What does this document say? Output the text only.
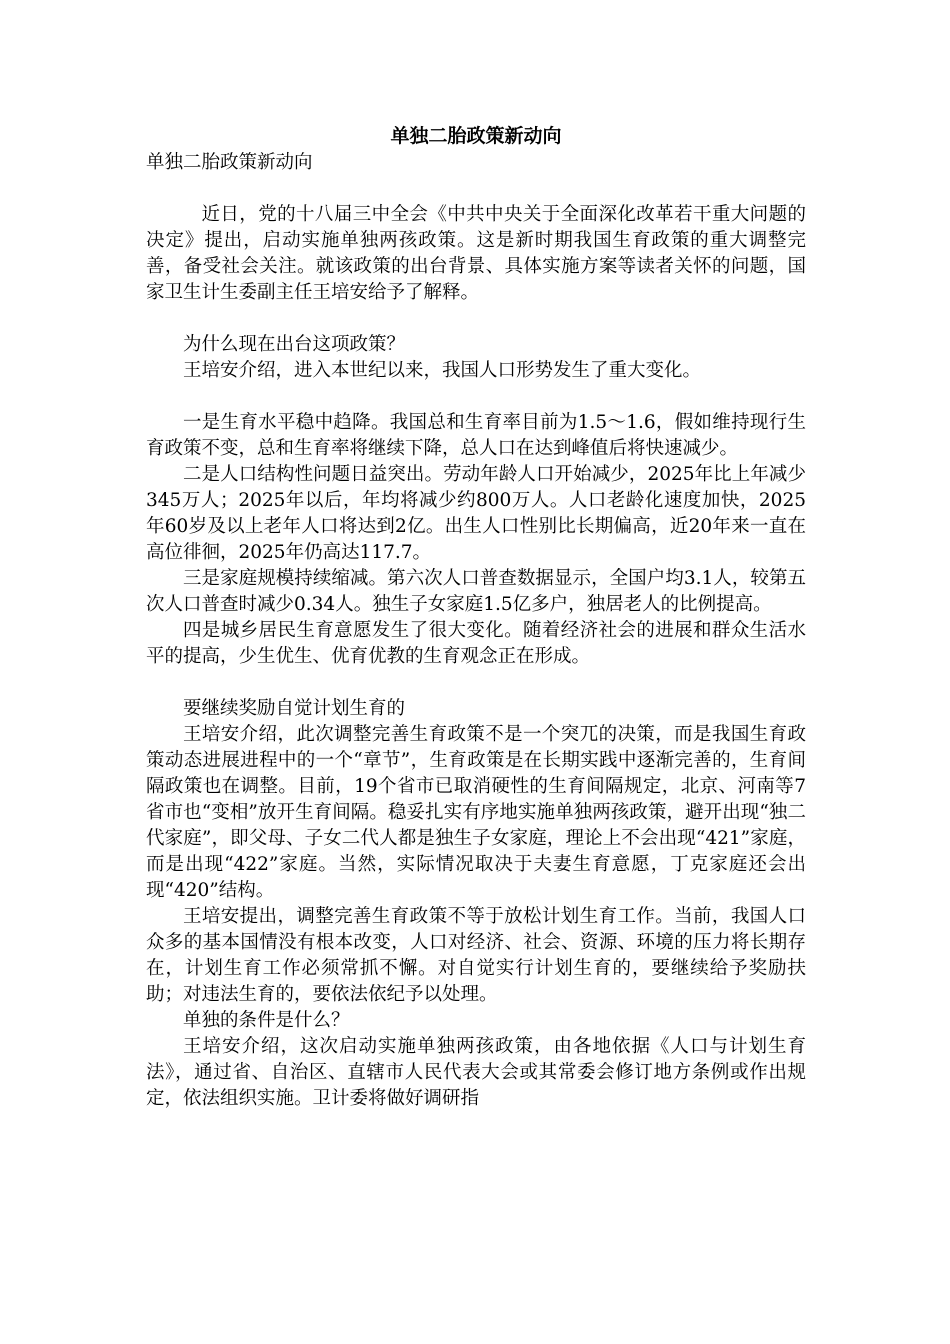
单独二胎政策新动向
单独二胎政策新动向

近日，党的十八届三中全会《中共中央关于全面深化改革若干重大问题的决定》提出，启动实施单独两孩政策。这是新时期我国生育政策的重大调整完善，备受社会关注。就该政策的出台背景、具体实施方案等读者关怀的问题，国家卫生计生委副主任王培安给予了解释。

为什么现在出台这项政策？

王培安介绍，进入本世纪以来，我国人口形势发生了重大变化。

一是生育水平稳中趋降。我国总和生育率目前为1.5～1.6，假如维持现行生育政策不变，总和生育率将继续下降，总人口在达到峰值后将快速减少。

二是人口结构性问题日益突出。劳动年龄人口开始减少，2025年比上年减少345万人；2025年以后，年均将减少约800万人。人口老龄化速度加快，2025年60岁及以上老年人口将达到2亿。出生人口性别比长期偏高，近20年来一直在高位徘徊，2025年仍高达117.7。

三是家庭规模持续缩减。第六次人口普查数据显示，全国户均3.1人，较第五次人口普查时减少0.34人。独生子女家庭1.5亿多户，独居老人的比例提高。

四是城乡居民生育意愿发生了很大变化。随着经济社会的进展和群众生活水平的提高，少生优生、优育优教的生育观念正在形成。

要继续奖励自觉计划生育的

王培安介绍，此次调整完善生育政策不是一个突兀的决策，而是我国生育政策动态进展进程中的一个“章节”，生育政策是在长期实践中逐渐完善的，生育间隔政策也在调整。目前，19个省市已取消硬性的生育间隔规定，北京、河南等7省市也“变相”放开生育间隔。稳妥扎实有序地实施单独两孩政策，避开出现“独二代家庭”，即父母、子女二代人都是独生子女家庭，理论上不会出现“421”家庭，而是出现“422”家庭。当然，实际情况取决于夫妻生育意愿，丁克家庭还会出现“420”结构。

王培安提出，调整完善生育政策不等于放松计划生育工作。当前，我国人口众多的基本国情没有根本改变，人口对经济、社会、资源、环境的压力将长期存在，计划生育工作必须常抓不懈。对自觉实行计划生育的，要继续给予奖励扶助；对违法生育的，要依法依纪予以处理。

单独的条件是什么？

王培安介绍，这次启动实施单独两孩政策，由各地依据《人口与计划生育法》，通过省、自治区、直辖市人民代表大会或其常委会修订地方条例或作出规定，依法组织实施。卫计委将做好调研指
